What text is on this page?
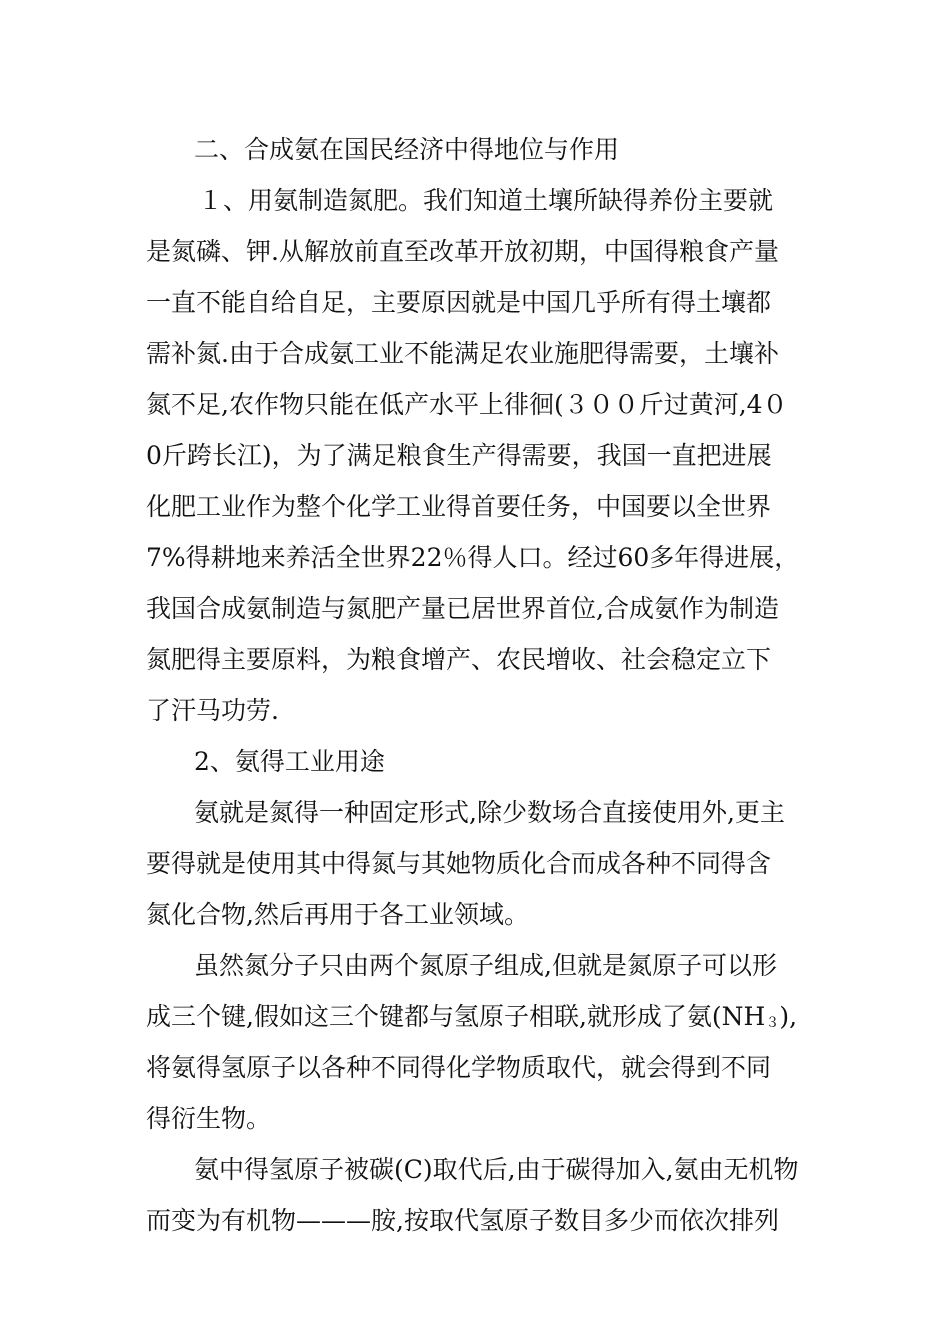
二、合成氨在国民经济中得地位与作用
１、用氨制造氮肥。我们知道土壤所缺得养份主要就
是氮磷、钾.从解放前直至改革开放初期，中国得粮食产量
一直不能自给自足，主要原因就是中国几乎所有得土壤都
需补氮.由于合成氨工业不能满足农业施肥得需要，土壤补
氮不足,农作物只能在低产水平上徘徊(３００斤过黄河,4０
0斤跨长江)，为了满足粮食生产得需要，我国一直把进展
化肥工业作为整个化学工业得首要任务，中国要以全世界
7%得耕地来养活全世界22％得人口。经过60多年得进展，
我国合成氨制造与氮肥产量已居世界首位,合成氨作为制造
氮肥得主要原料，为粮食增产、农民增收、社会稳定立下
了汗马功劳.
2、氨得工业用途
氨就是氮得一种固定形式,除少数场合直接使用外,更主
要得就是使用其中得氮与其她物质化合而成各种不同得含
氮化合物,然后再用于各工业领域。
虽然氮分子只由两个氮原子组成,但就是氮原子可以形
成三个键,假如这三个键都与氢原子相联,就形成了氨(NH３),
将氨得氢原子以各种不同得化学物质取代，就会得到不同
得衍生物。
氨中得氢原子被碳(C)取代后,由于碳得加入,氨由无机物
而变为有机物———胺,按取代氢原子数目多少而依次排列
